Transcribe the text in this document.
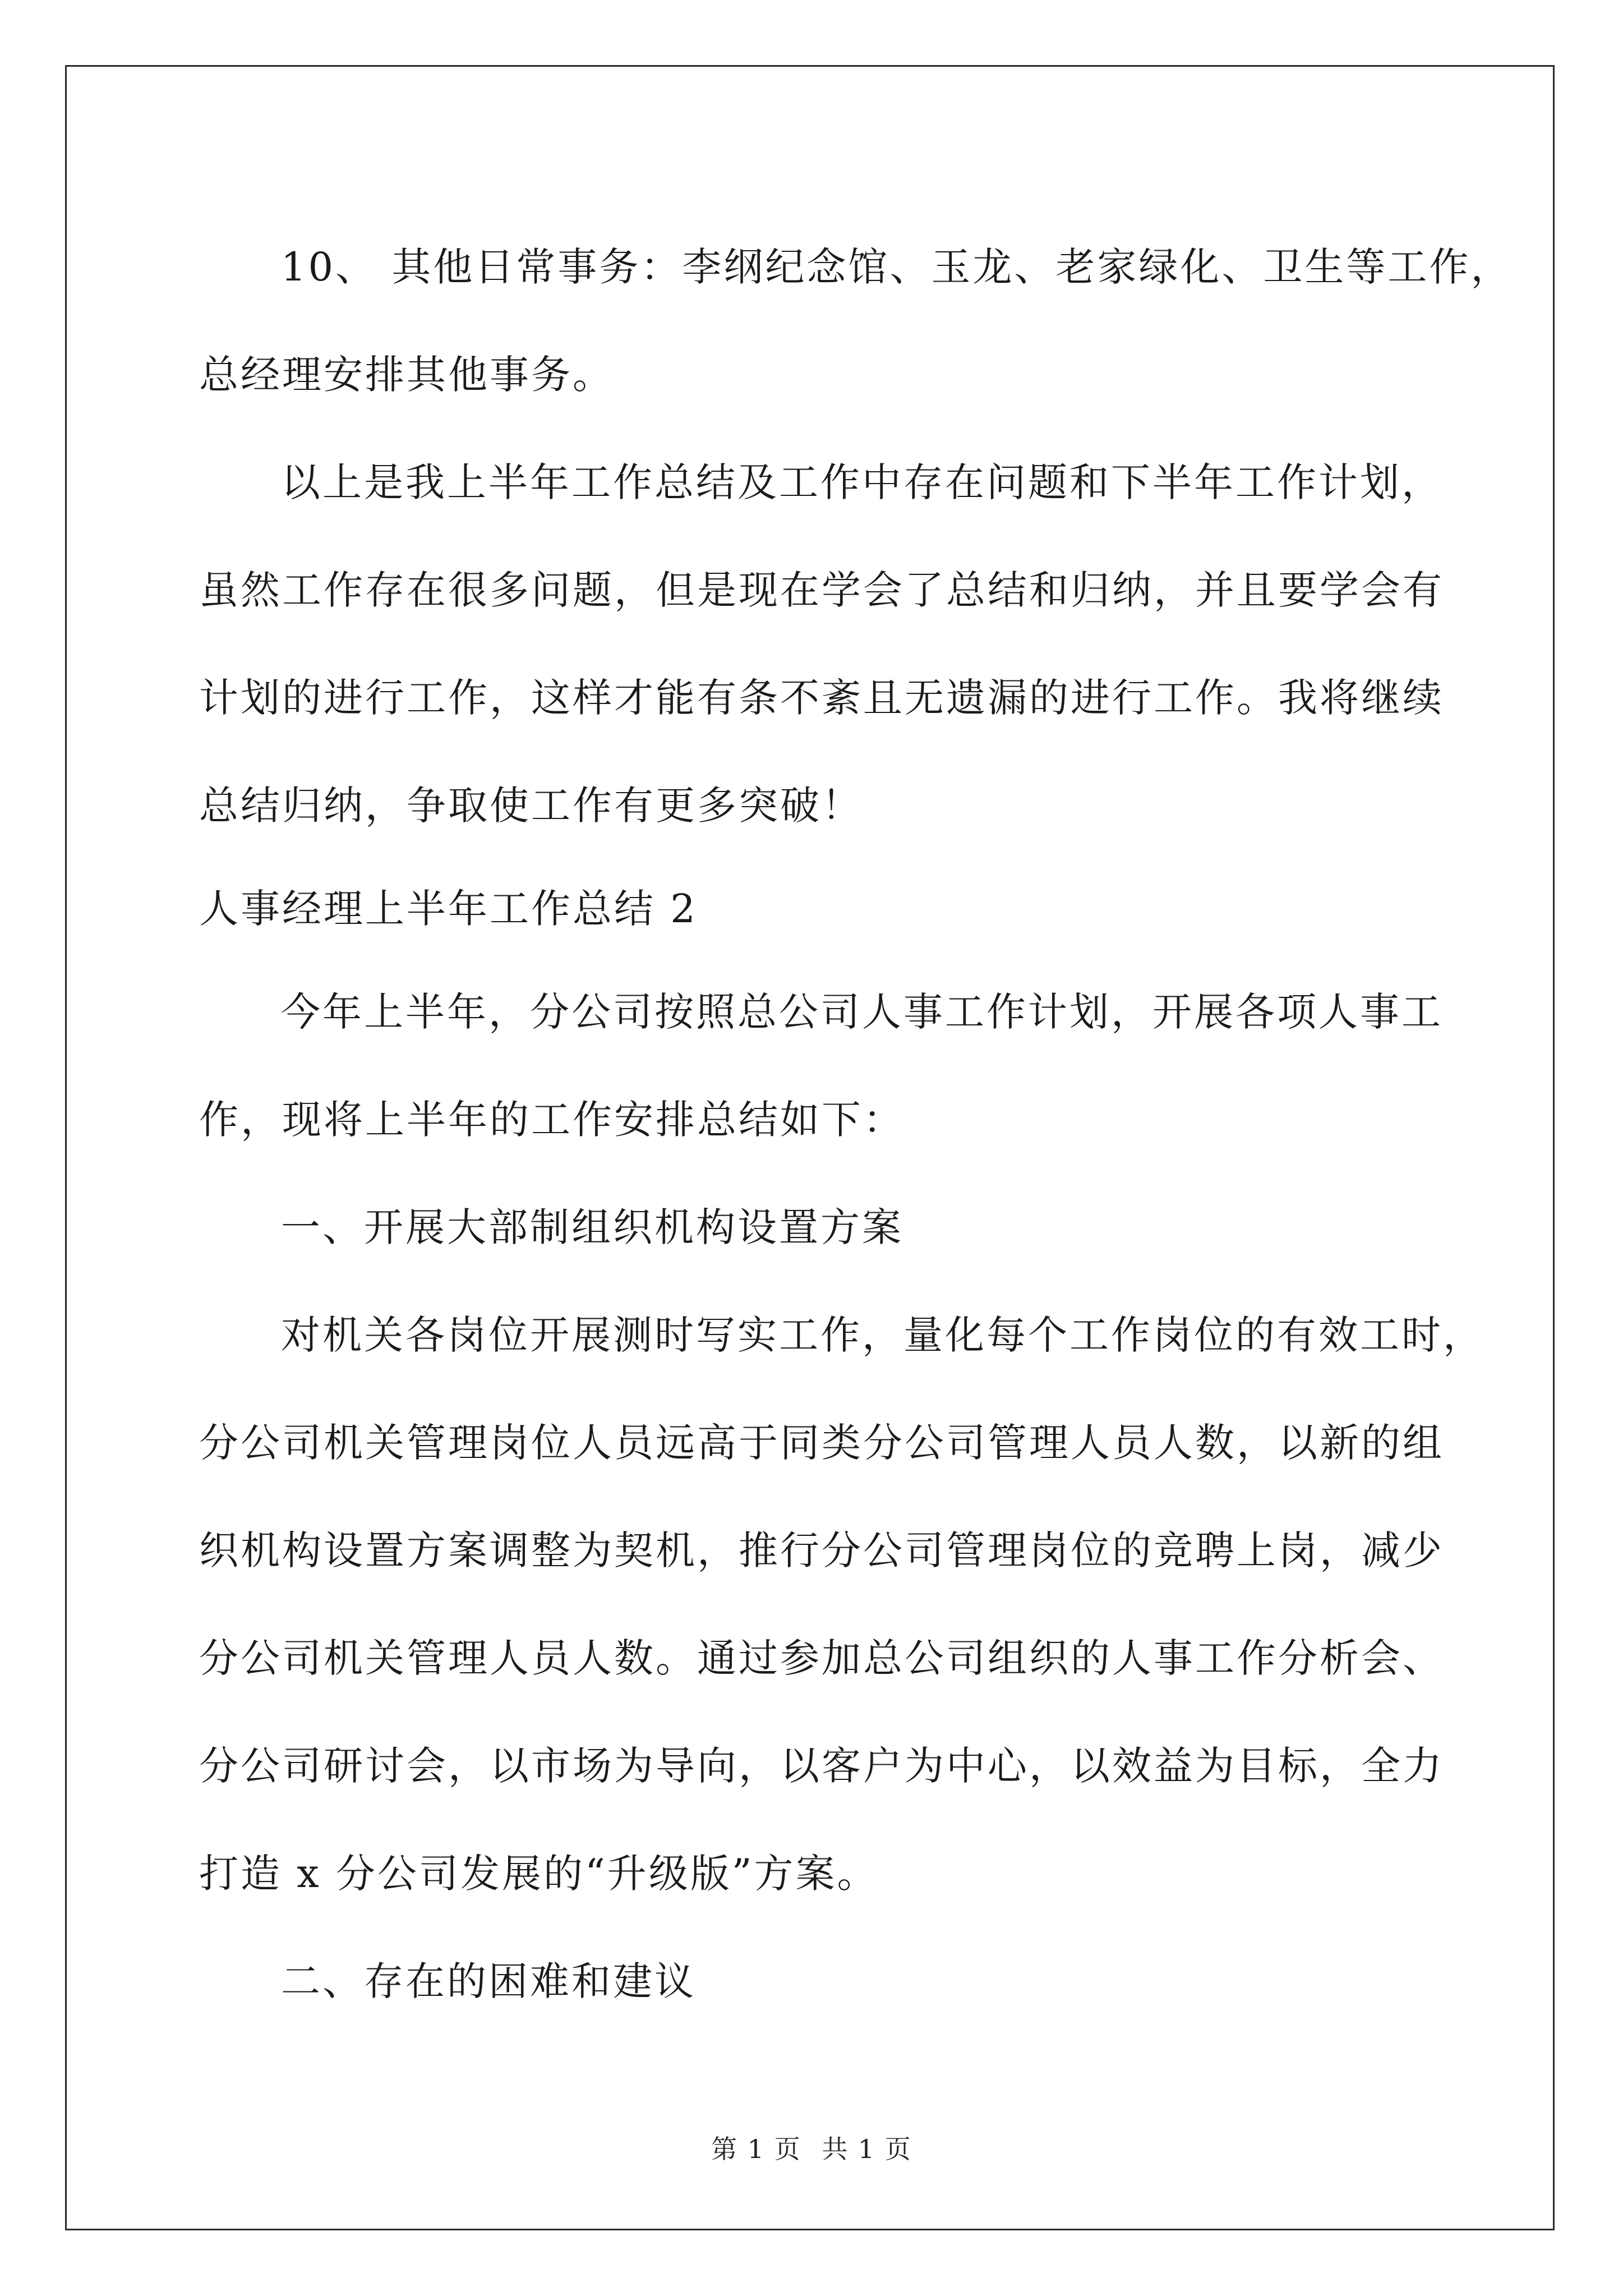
10、 其他日常事务：李纲纪念馆、玉龙、老家绿化、卫生等工作，
总经理安排其他事务。
以上是我上半年工作总结及工作中存在问题和下半年工作计划，
虽然工作存在很多问题，但是现在学会了总结和归纳，并且要学会有
计划的进行工作，这样才能有条不紊且无遗漏的进行工作。我将继续
总结归纳，争取使工作有更多突破！
人事经理上半年工作总结 2
今年上半年，分公司按照总公司人事工作计划，开展各项人事工
作，现将上半年的工作安排总结如下：
一、开展大部制组织机构设置方案
对机关各岗位开展测时写实工作，量化每个工作岗位的有效工时，
分公司机关管理岗位人员远高于同类分公司管理人员人数，以新的组
织机构设置方案调整为契机，推行分公司管理岗位的竞聘上岗，减少
分公司机关管理人员人数。通过参加总公司组织的人事工作分析会、
分公司研讨会，以市场为导向，以客户为中心，以效益为目标，全力
打造 x 分公司发展的“升级版”方案。
二、存在的困难和建议
第 1 页 共 1 页
